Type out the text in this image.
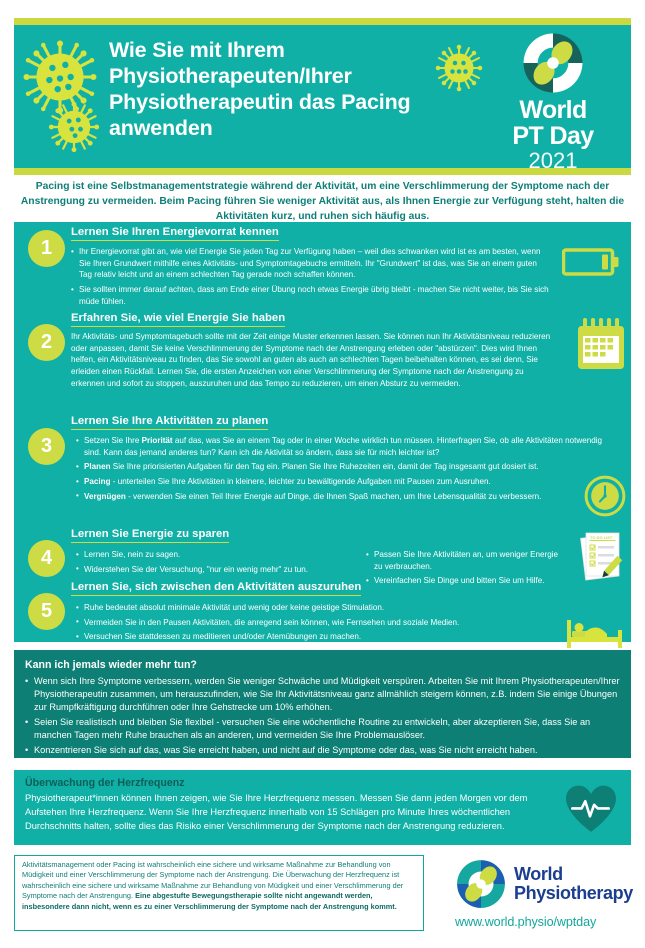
Wie Sie mit Ihrem Physiotherapeuten/Ihrer Physiotherapeutin das Pacing anwenden
World
PT Day
2021
Pacing ist eine Selbstmanagementstrategie während der Aktivität, um eine Verschlimmerung der Symptome nach der Anstrengung zu vermeiden. Beim Pacing führen Sie weniger Aktivität aus, als Ihnen Energie zur Verfügung steht, halten die Aktivitäten kurz, und ruhen sich häufig aus.
1
Lernen Sie Ihren Energievorrat kennen

• Ihr Energievorrat gibt an, wie viel Energie Sie jeden Tag zur Verfügung haben – weil dies schwanken wird ist es am besten, wenn Sie Ihren Grundwert mithilfe eines Aktivitäts- und Symptomtagebuchs ermitteln. Ihr "Grundwert" ist das, was Sie an einem guten Tag relativ leicht und an einem schlechten Tag gerade noch schaffen können.

• Sie sollten immer darauf achten, dass am Ende einer Übung noch etwas Energie übrig bleibt - machen Sie nicht weiter, bis Sie sich müde fühlen.

2
Erfahren Sie, wie viel Energie Sie haben

Ihr Aktivitäts- und Symptomtagebuch sollte mit der Zeit einige Muster erkennen lassen. Sie können nun Ihr Aktivitätsniveau reduzieren oder anpassen, damit Sie keine Verschlimmerung der Symptome nach der Anstrengung erleben oder "abstürzen". Dies wird Ihnen helfen, ein Aktivitätsniveau zu finden, das Sie sowohl an guten als auch an schlechten Tagen beibehalten können, es sei denn, Sie erleiden einen Rückfall. Lernen Sie, die ersten Anzeichen von einer Verschlimmerung der Symptome nach der Anstrengung zu erkennen und sofort zu stoppen, auszuruhen und das Tempo zu reduzieren, um einen Absturz zu vermeiden.

3
Lernen Sie Ihre Aktivitäten zu planen

• Setzen Sie Ihre Priorität auf das, was Sie an einem Tag oder in einer Woche wirklich tun müssen. Hinterfragen Sie, ob alle Aktivitäten notwendig sind. Kann das jemand anderes tun? Kann ich die Aktivität so ändern, dass sie für mich leichter ist?

• Planen Sie Ihre priorisierten Aufgaben für den Tag ein. Planen Sie Ihre Ruhezeiten ein, damit der Tag insgesamt gut dosiert ist.

• Pacing - unterteilen Sie Ihre Aktivitäten in kleinere, leichter zu bewältigende Aufgaben mit Pausen zum Ausruhen.

• Vergnügen - verwenden Sie einen Teil Ihrer Energie auf Dinge, die Ihnen Spaß machen, um Ihre Lebensqualität zu verbessern.

4
Lernen Sie Energie zu sparen

• Lernen Sie, nein zu sagen.

• Widerstehen Sie der Versuchung, "nur ein wenig mehr" zu tun.

• Passen Sie Ihre Aktivitäten an, um weniger Energie zu verbrauchen.

• Vereinfachen Sie Dinge und bitten Sie um Hilfe.

TO DO LIST
5
Lernen Sie, sich zwischen den Aktivitäten auszuruhen

• Ruhe bedeutet absolut minimale Aktivität und wenig oder keine geistige Stimulation.

• Vermeiden Sie in den Pausen Aktivitäten, die anregend sein können, wie Fernsehen und soziale Medien.

• Versuchen Sie stattdessen zu meditieren und/oder Atemübungen zu machen.

Kann ich jemals wieder mehr tun?

• Wenn sich Ihre Symptome verbessern, werden Sie weniger Schwäche und Müdigkeit verspüren. Arbeiten Sie mit Ihrem Physiotherapeuten/Ihrer Physiotherapeutin zusammen, um herauszufinden, wie Sie Ihr Aktivitätsniveau ganz allmählich steigern können, z.B. indem Sie einige Übungen zur Rumpfkräftigung durchführen oder Ihre Gehstrecke um 10% erhöhen.

• Seien Sie realistisch und bleiben Sie flexibel - versuchen Sie eine wöchentliche Routine zu entwickeln, aber akzeptieren Sie, dass Sie an manchen Tagen mehr Ruhe brauchen als an anderen, und vermeiden Sie Ihre Problemauslöser.

• Konzentrieren Sie sich auf das, was Sie erreicht haben, und nicht auf die Symptome oder das, was Sie nicht erreicht haben.

Überwachung der Herzfrequenz

Physiotherapeut*innen können Ihnen zeigen, wie Sie Ihre Herzfrequenz messen. Messen Sie dann jeden Morgen vor dem Aufstehen Ihre Herzfrequenz. Wenn Sie Ihre Herzfrequenz innerhalb von 15 Schlägen pro Minute Ihres wöchentlichen Durchschnitts halten, sollte dies das Risiko einer Verschlimmerung der Symptome nach der Anstrengung reduzieren.

Aktivitätsmanagement oder Pacing ist wahrscheinlich eine sichere und wirksame Maßnahme zur Behandlung von Müdigkeit und einer Verschlimmerung der Symptome nach der Anstrengung. Die Überwachung der Herzfrequenz ist wahrscheinlich eine sichere und wirksame Maßnahme zur Behandlung von Müdigkeit und einer Verschlimmerung der Symptome nach der Anstrengung. Eine abgestufte Bewegungstherapie sollte nicht angewandt werden, insbesondere dann nicht, wenn es zu einer Verschlimmerung der Symptome nach der Anstrengung kommt.

World
Physiotherapy
www.world.physio/wptday
